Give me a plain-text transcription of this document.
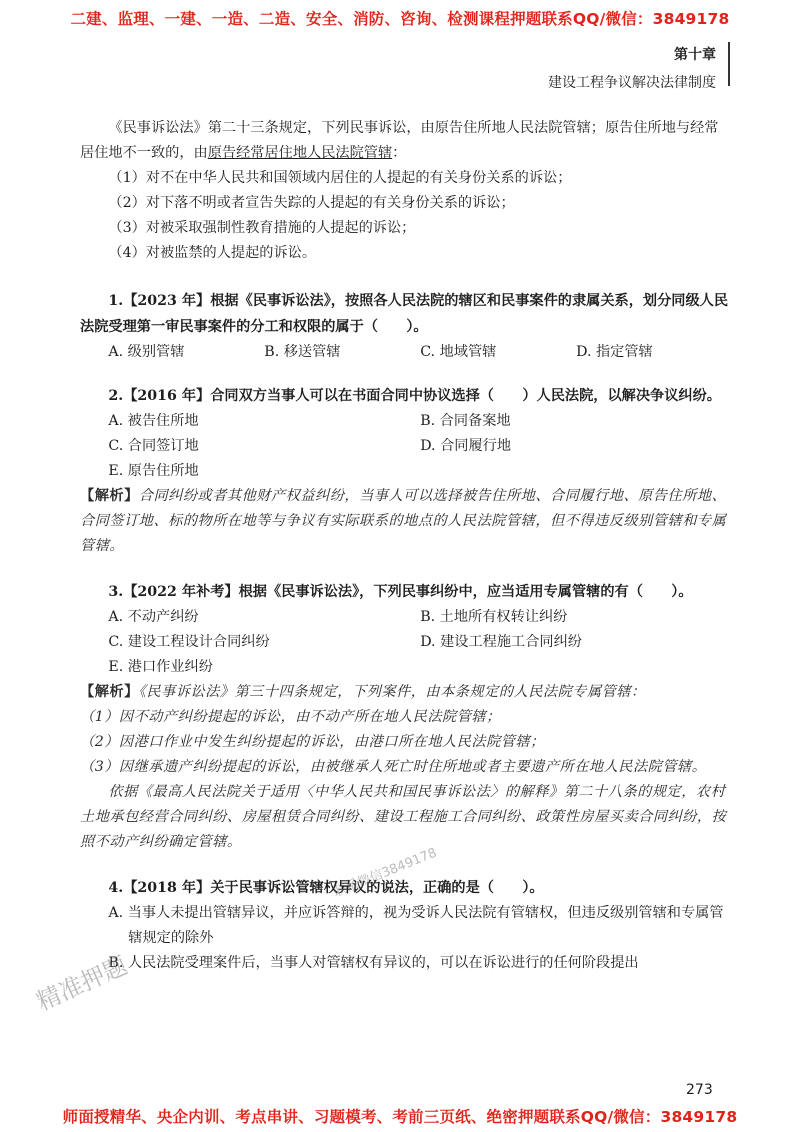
二建、监理、一建、一造、二造、安全、消防、咨询、检测课程押题联系QQ/微信：3849178
第十章
建设工程争议解决法律制度

《民事诉讼法》第二十三条规定，下列民事诉讼，由原告住所地人民法院管辖；原告住所地与经常居住地不一致的，由原告经常居住地人民法院管辖：

（1）对不在中华人民共和国领域内居住的人提起的有关身份关系的诉讼；

（2）对下落不明或者宣告失踪的人提起的有关身份关系的诉讼；

（3）对被采取强制性教育措施的人提起的诉讼；

（4）对被监禁的人提起的诉讼。

1.【2023 年】根据《民事诉讼法》，按照各人民法院的辖区和民事案件的隶属关系，划分同级人民法院受理第一审民事案件的分工和权限的属于（　　）。

A. 级别管辖	B. 移送管辖	C. 地域管辖	D. 指定管辖

2.【2016 年】合同双方当事人可以在书面合同中协议选择（　　）人民法院，以解决争议纠纷。

A. 被告住所地	B. 合同备案地
C. 合同签订地	D. 合同履行地
E. 原告住所地

【解析】合同纠纷或者其他财产权益纠纷，当事人可以选择被告住所地、合同履行地、原告住所地、合同签订地、标的物所在地等与争议有实际联系的地点的人民法院管辖，但不得违反级别管辖和专属管辖。

3.【2022 年补考】根据《民事诉讼法》，下列民事纠纷中，应当适用专属管辖的有（　　）。

A. 不动产纠纷	B. 土地所有权转让纠纷
C. 建设工程设计合同纠纷	D. 建设工程施工合同纠纷
E. 港口作业纠纷

【解析】《民事诉讼法》第三十四条规定，下列案件，由本条规定的人民法院专属管辖：

（1）因不动产纠纷提起的诉讼，由不动产所在地人民法院管辖；

（2）因港口作业中发生纠纷提起的诉讼，由港口所在地人民法院管辖；

（3）因继承遗产纠纷提起的诉讼，由被继承人死亡时住所地或者主要遗产所在地人民法院管辖。

依据《最高人民法院关于适用〈中华人民共和国民事诉讼法〉的解释》第二十八条的规定，农村土地承包经营合同纠纷、房屋租赁合同纠纷、建设工程施工合同纠纷、政策性房屋买卖合同纠纷，按照不动产纠纷确定管辖。

4.【2018 年】关于民事诉讼管辖权异议的说法，正确的是（　　）。

A. 当事人未提出管辖异议，并应诉答辩的，视为受诉人民法院有管辖权，但违反级别管辖和专属管辖规定的除外

B. 人民法院受理案件后，当事人对管辖权有异议的，可以在诉讼进行的任何阶段提出

精准押题
联系微信3849178
273
师面授精华、央企内训、考点串讲、习题模考、考前三页纸、绝密押题联系QQ/微信：3849178
